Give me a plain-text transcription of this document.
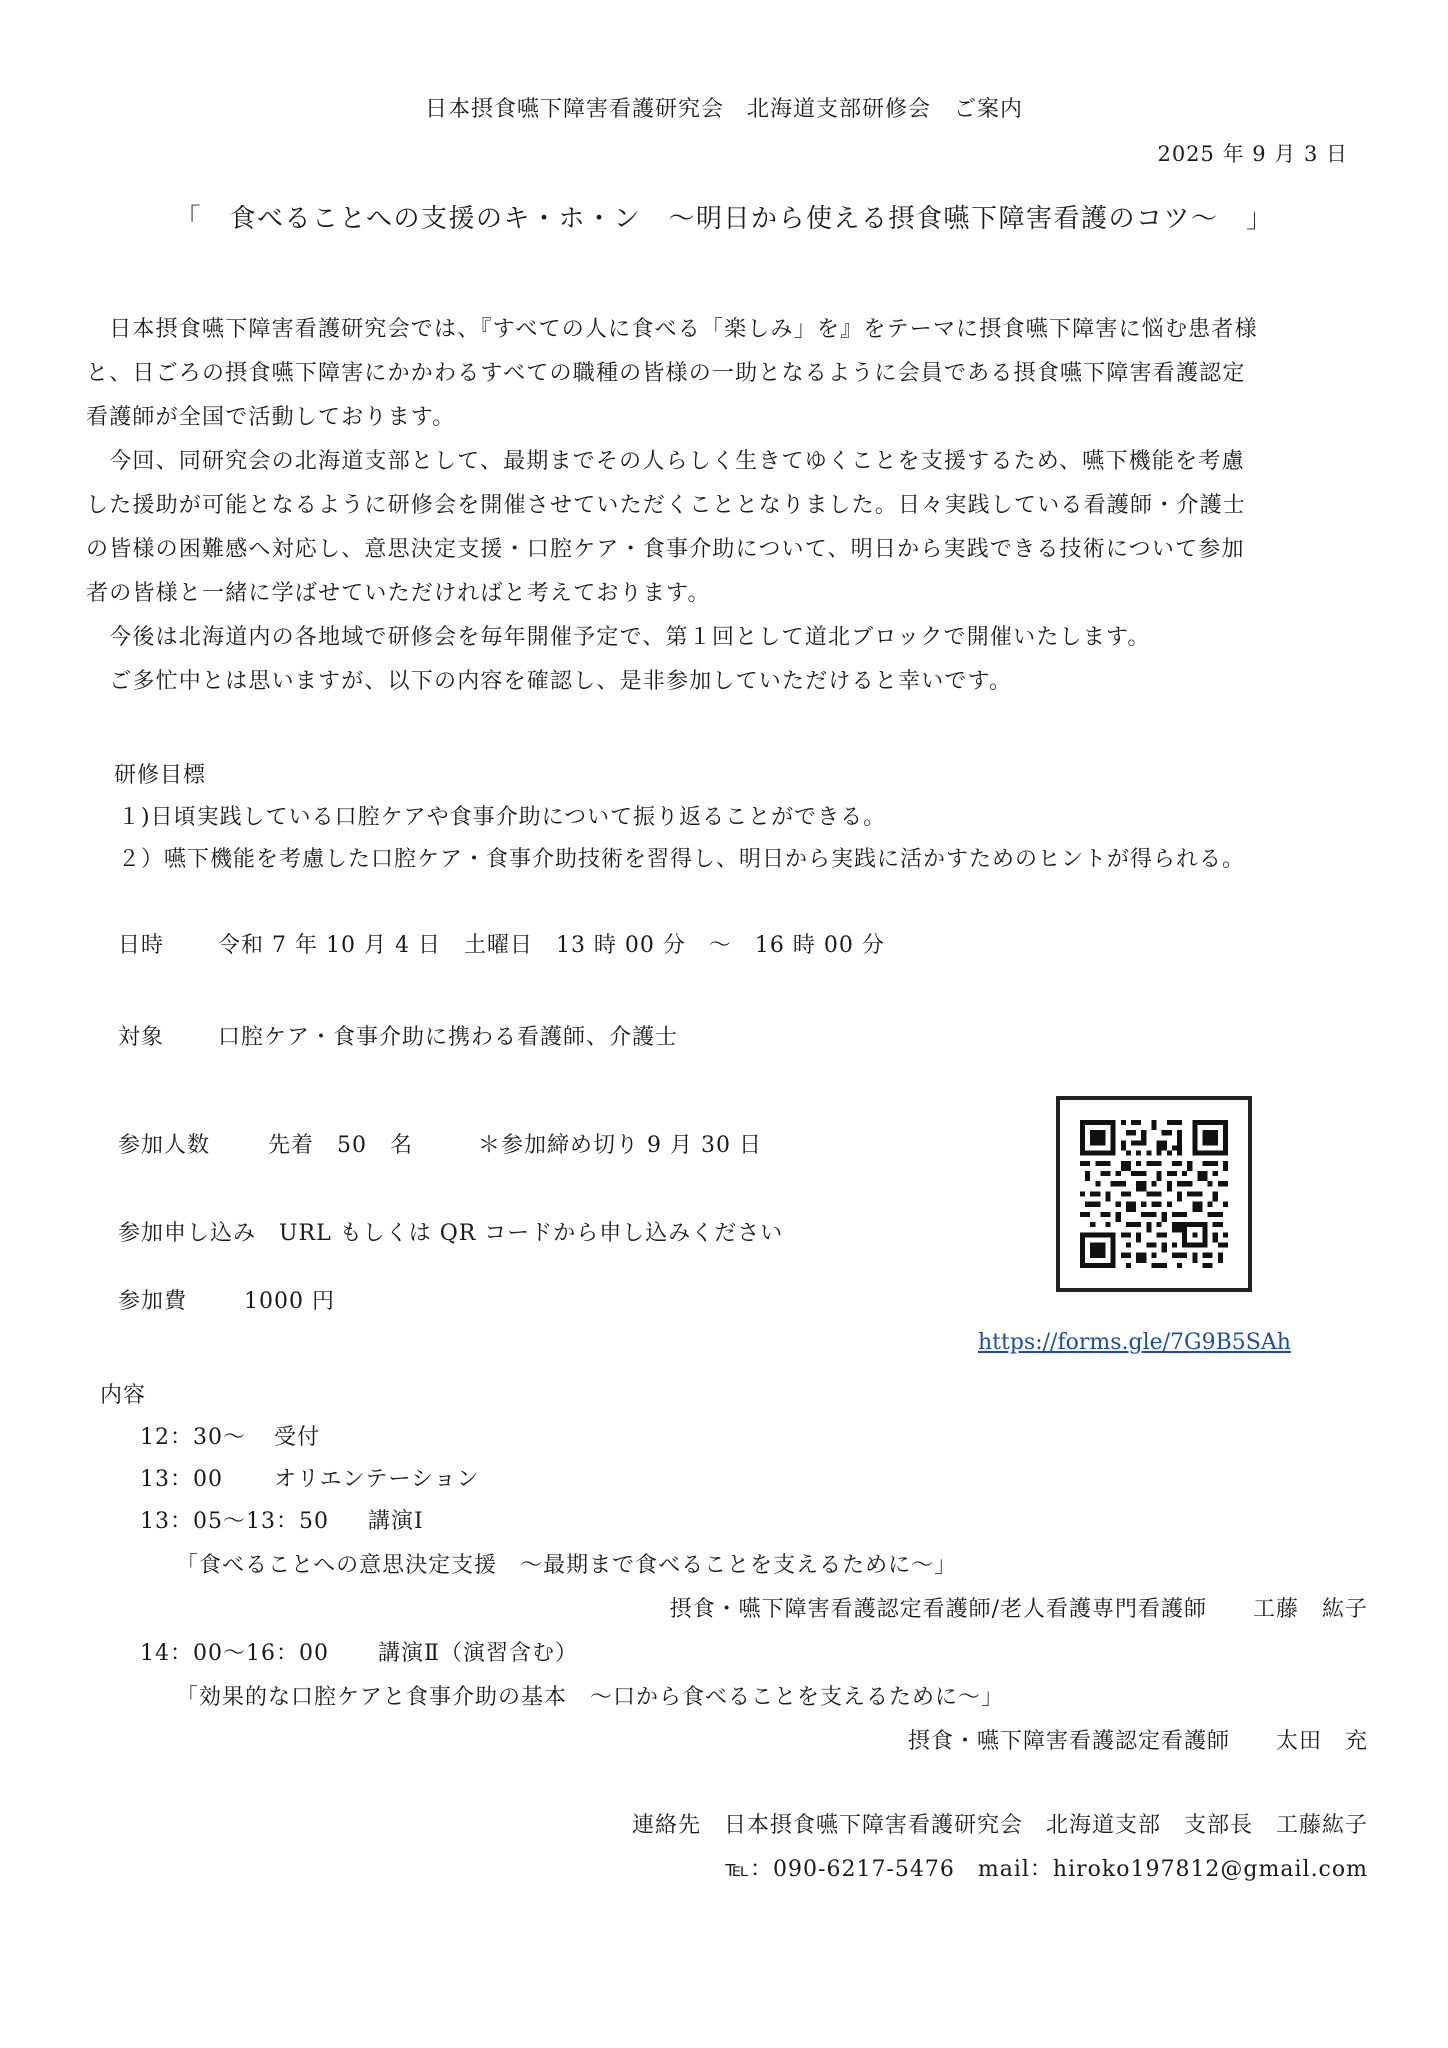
日本摂食嚥下障害看護研究会　北海道支部研修会　ご案内
2025 年 9 月 3 日
「　食べることへの支援のキ・ホ・ン　～明日から使える摂食嚥下障害看護のコツ～　」

　日本摂食嚥下障害看護研究会では、『すべての人に食べる「楽しみ」を』をテーマに摂食嚥下障害に悩む患者様

と、日ごろの摂食嚥下障害にかかわるすべての職種の皆様の一助となるように会員である摂食嚥下障害看護認定

看護師が全国で活動しております。

　今回、同研究会の北海道支部として、最期までその人らしく生きてゆくことを支援するため、嚥下機能を考慮

した援助が可能となるように研修会を開催させていただくこととなりました。日々実践している看護師・介護士

の皆様の困難感へ対応し、意思決定支援・口腔ケア・食事介助について、明日から実践できる技術について参加

者の皆様と一緒に学ばせていただければと考えております。

　今後は北海道内の各地域で研修会を毎年開催予定で、第１回として道北ブロックで開催いたします。

　ご多忙中とは思いますが、以下の内容を確認し、是非参加していただけると幸いです。

研修目標
１)日頃実践している口腔ケアや食事介助について振り返ることができる。
２）嚥下機能を考慮した口腔ケア・食事介助技術を習得し、明日から実践に活かすためのヒントが得られる。
日時 令和 7 年 10 月 4 日　土曜日　13 時 00 分　～　16 時 00 分
対象 口腔ケア・食事介助に携わる看護師、介護士
参加人数	先着　50　名	＊参加締め切り 9 月 30 日
参加申し込み　URL もしくは QR コードから申し込みください
参加費	1000 円
https://forms.gle/7G9B5SAh
内容
12：30～ 受付
13：00 オリエンテーション
13：05～13：50 講演Ⅰ
「食べることへの意思決定支援　～最期まで食べることを支えるために～」
摂食・嚥下障害看護認定看護師/老人看護専門看護師　　工藤　紘子
14：00～16：00 講演Ⅱ（演習含む）
「効果的な口腔ケアと食事介助の基本　～口から食べることを支えるために～」
摂食・嚥下障害看護認定看護師　　太田　充
連絡先　日本摂食嚥下障害看護研究会　北海道支部　支部長　工藤紘子
℡：090-6217-5476　mail：hiroko197812@gmail.com
